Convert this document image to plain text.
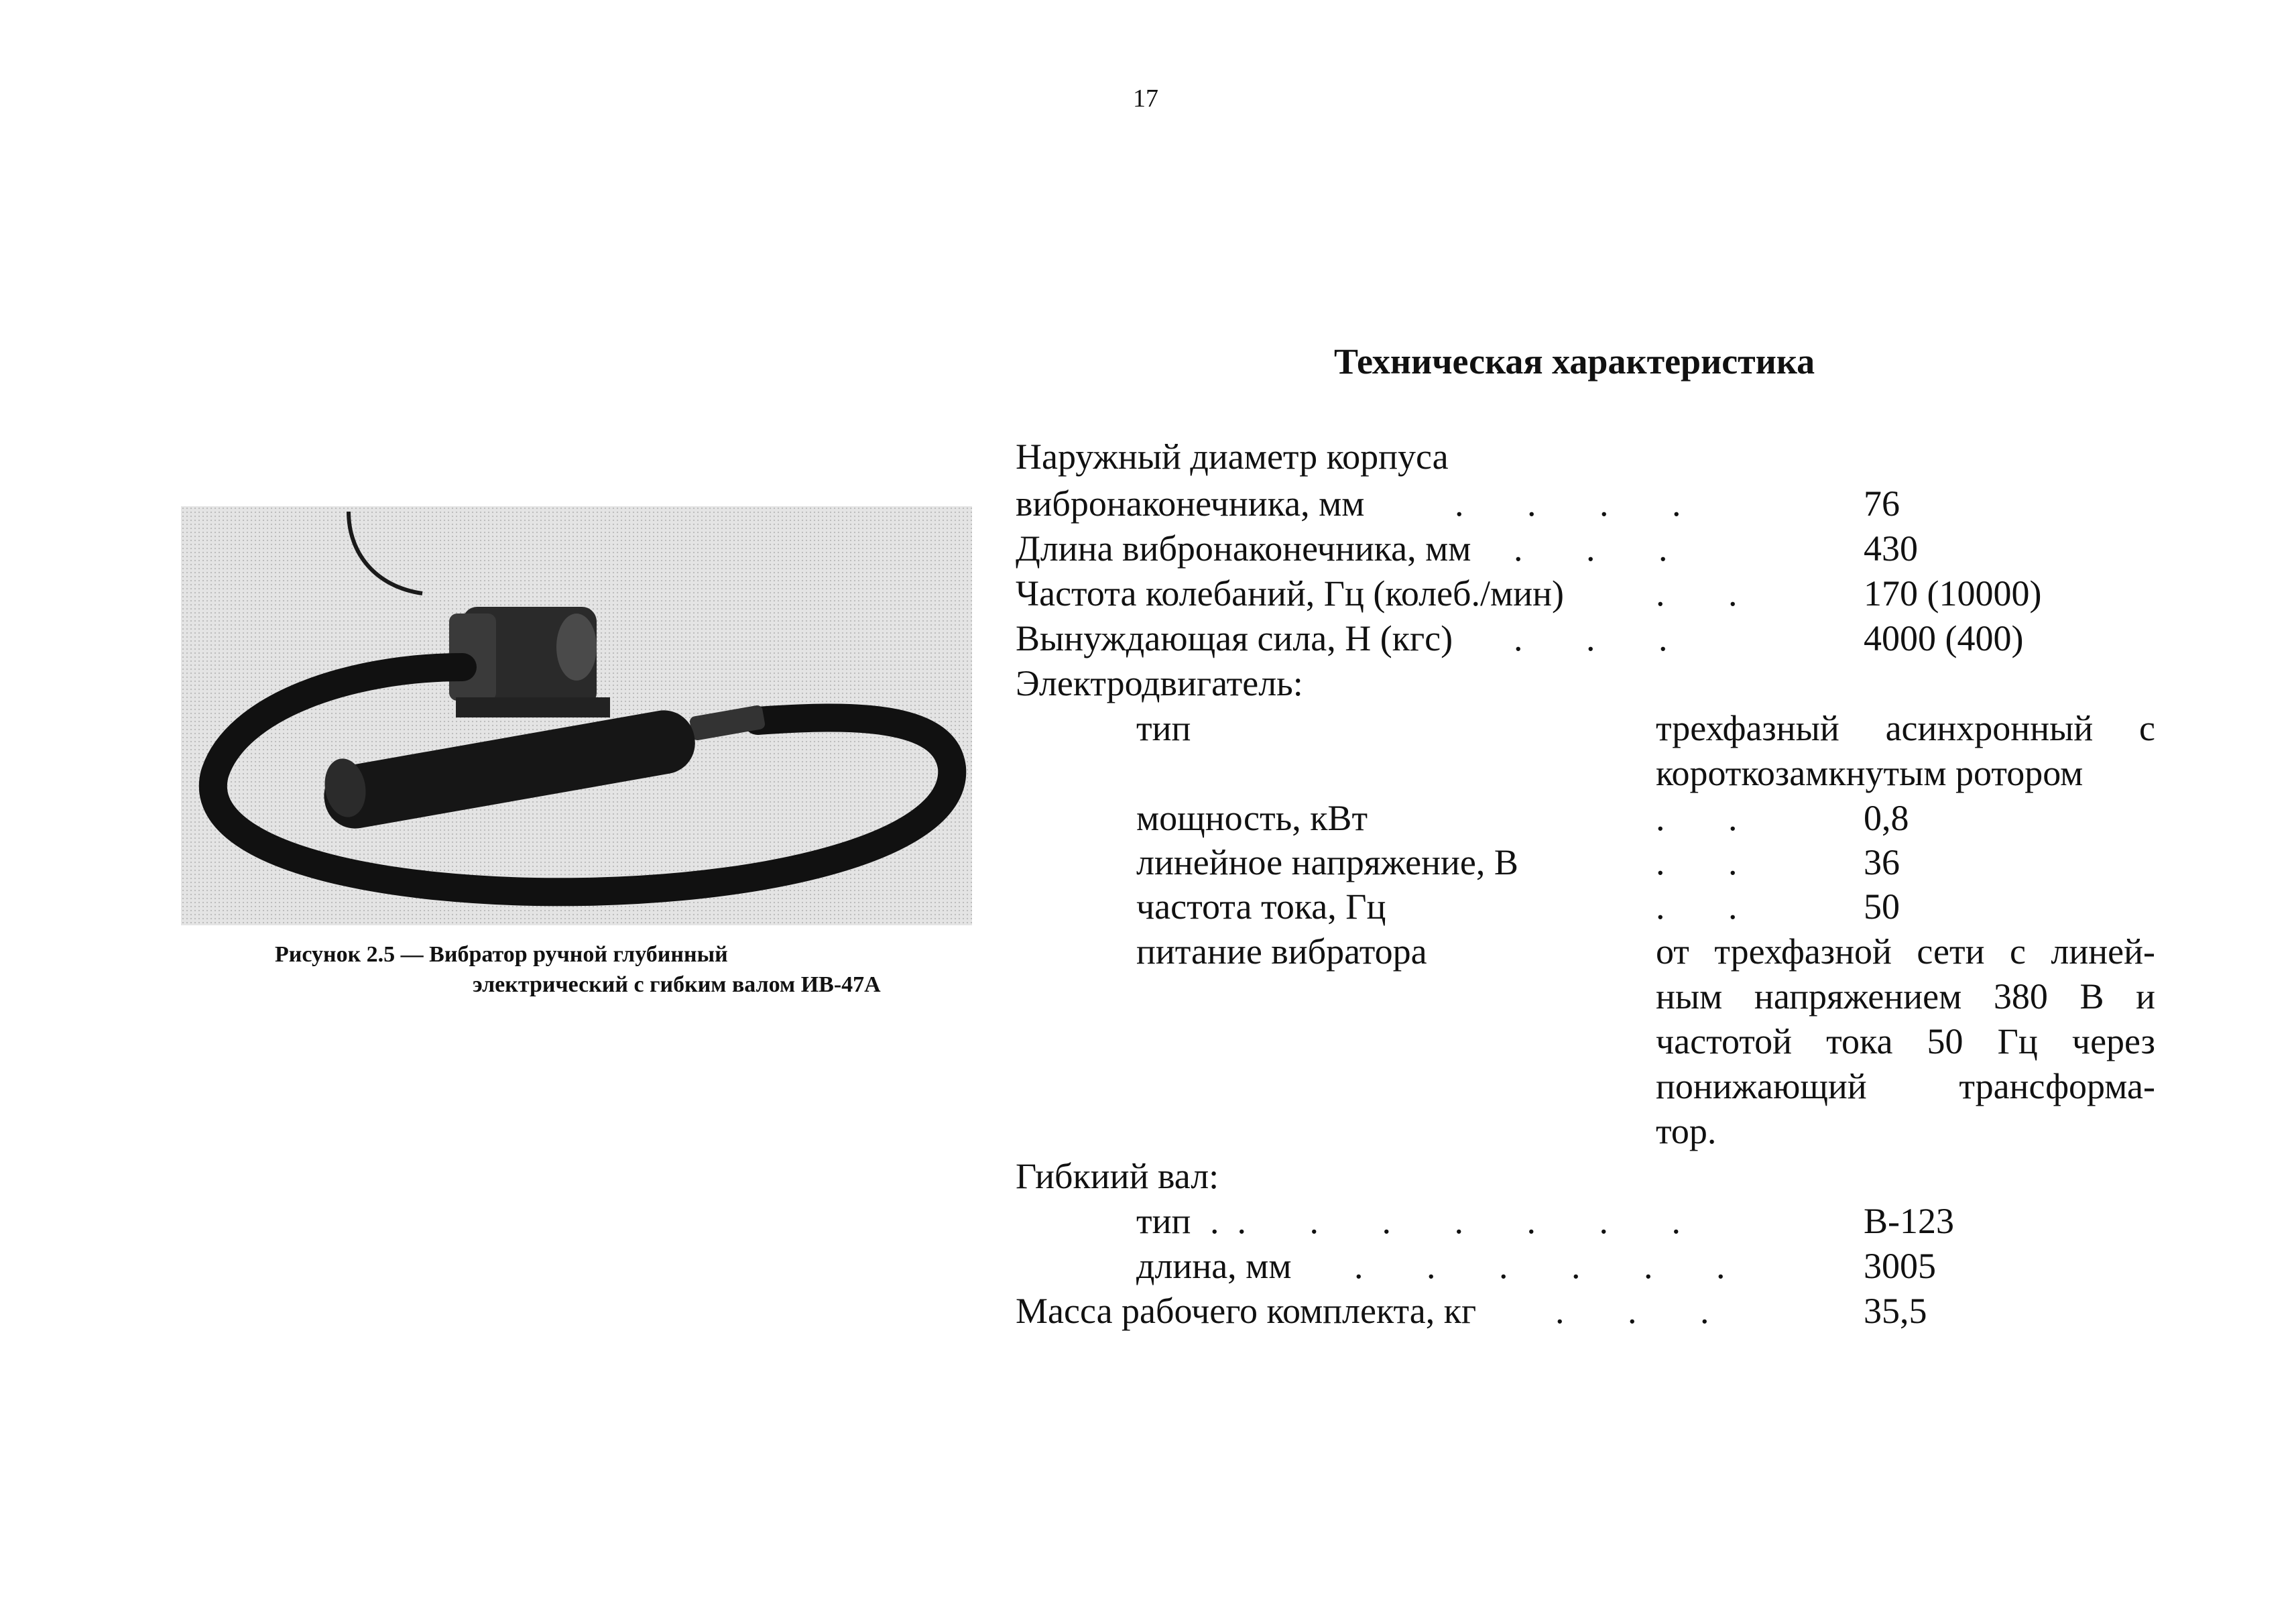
17
Рисунок 2.5 — Вибратор ручной глубинный
электрический с гибким валом ИВ-47А
Техническая характеристика
Наружный диаметр корпуса
вибронаконечника, мм .       .       .       .	76
Длина вибронаконечника, мм .       .       .	430
Частота колебаний, Гц (колеб./мин)	.       .	170 (10000)
Вынуждающая сила, Н (кгс) .       .       .	4000 (400)
Электродвигатель:
тип	трехфазный асинхронный с
короткозамкнутым ротором
мощность, кВт	.       .	0,8
линейное напряжение, В	.       .	36
частота тока, Гц	.       .	50
питание вибратора	от трехфазной сети с линей-
ным напряжением 380 В и
частотой тока 50 Гц через
понижающий трансформа-
тор.
Гибкиий вал:
тип .  .       .       .       .       .       .       .	В-123
длина, мм .       .       .       .       .       .	3005
Масса рабочего комплекта, кг .       .       .	35,5
